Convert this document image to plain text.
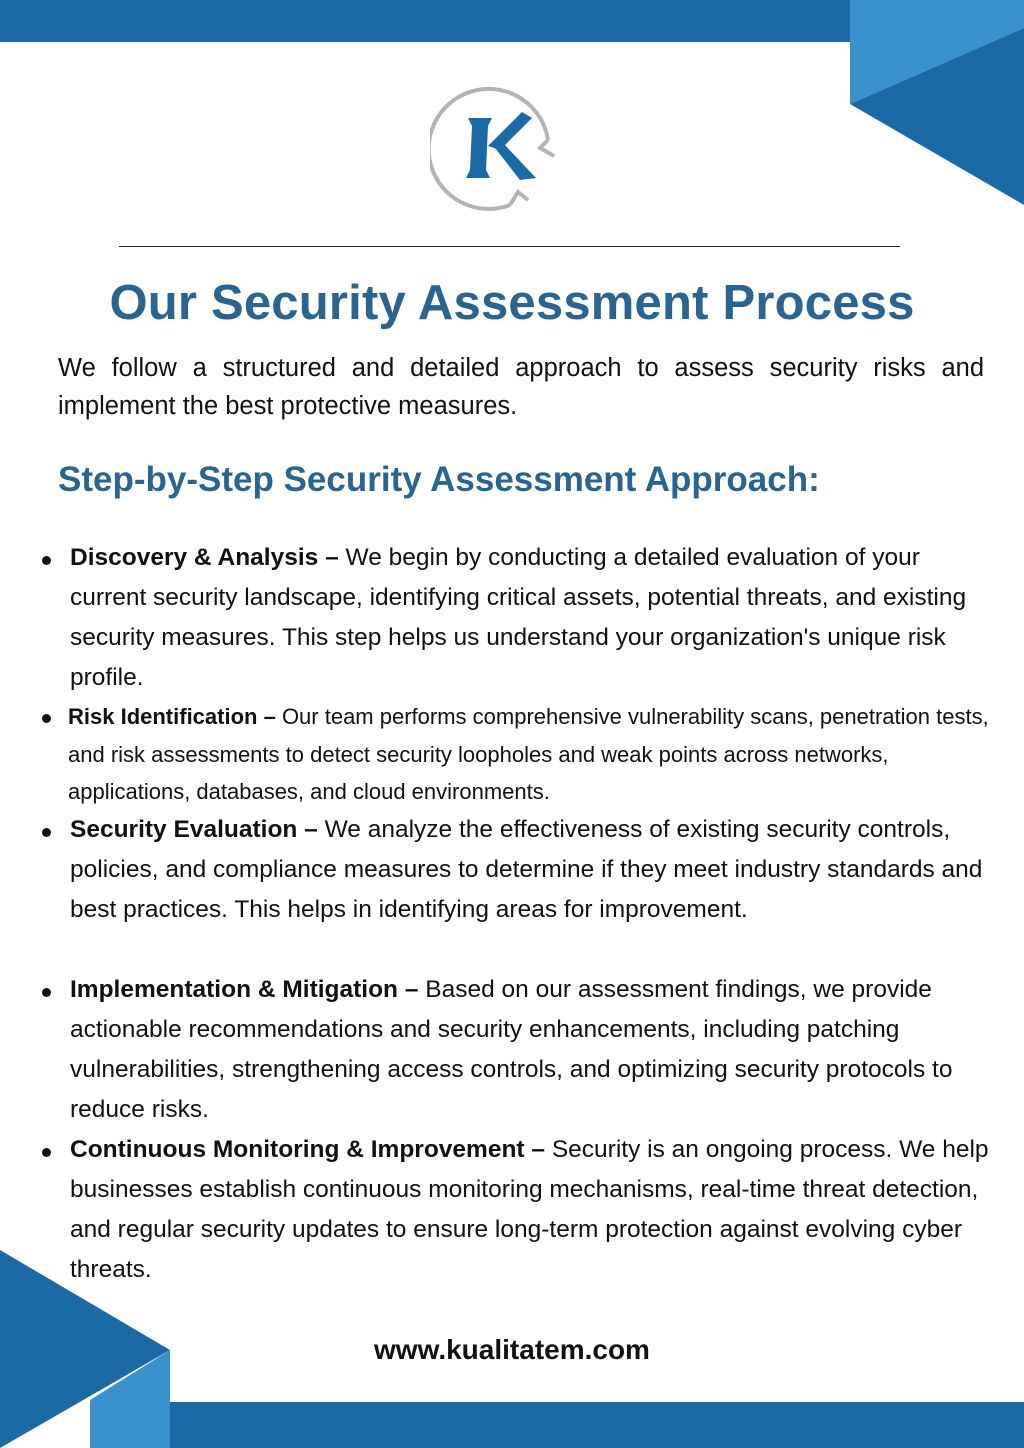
Our Security Assessment Process

We follow a structured and detailed approach to assess security risks and implement the best protective measures.

Step-by-Step Security Assessment Approach:

Discovery & Analysis – We begin by conducting a detailed evaluation of your current security landscape, identifying critical assets, potential threats, and existing security measures. This step helps us understand your organization's unique risk profile.

Risk Identification – Our team performs comprehensive vulnerability scans, penetration tests, and risk assessments to detect security loopholes and weak points across networks, applications, databases, and cloud environments.

Security Evaluation – We analyze the effectiveness of existing security controls, policies, and compliance measures to determine if they meet industry standards and best practices. This helps in identifying areas for improvement.

Implementation & Mitigation – Based on our assessment findings, we provide actionable recommendations and security enhancements, including patching vulnerabilities, strengthening access controls, and optimizing security protocols to reduce risks.

Continuous Monitoring & Improvement – Security is an ongoing process. We help businesses establish continuous monitoring mechanisms, real-time threat detection, and regular security updates to ensure long-term protection against evolving cyber threats.

www.kualitatem.com
